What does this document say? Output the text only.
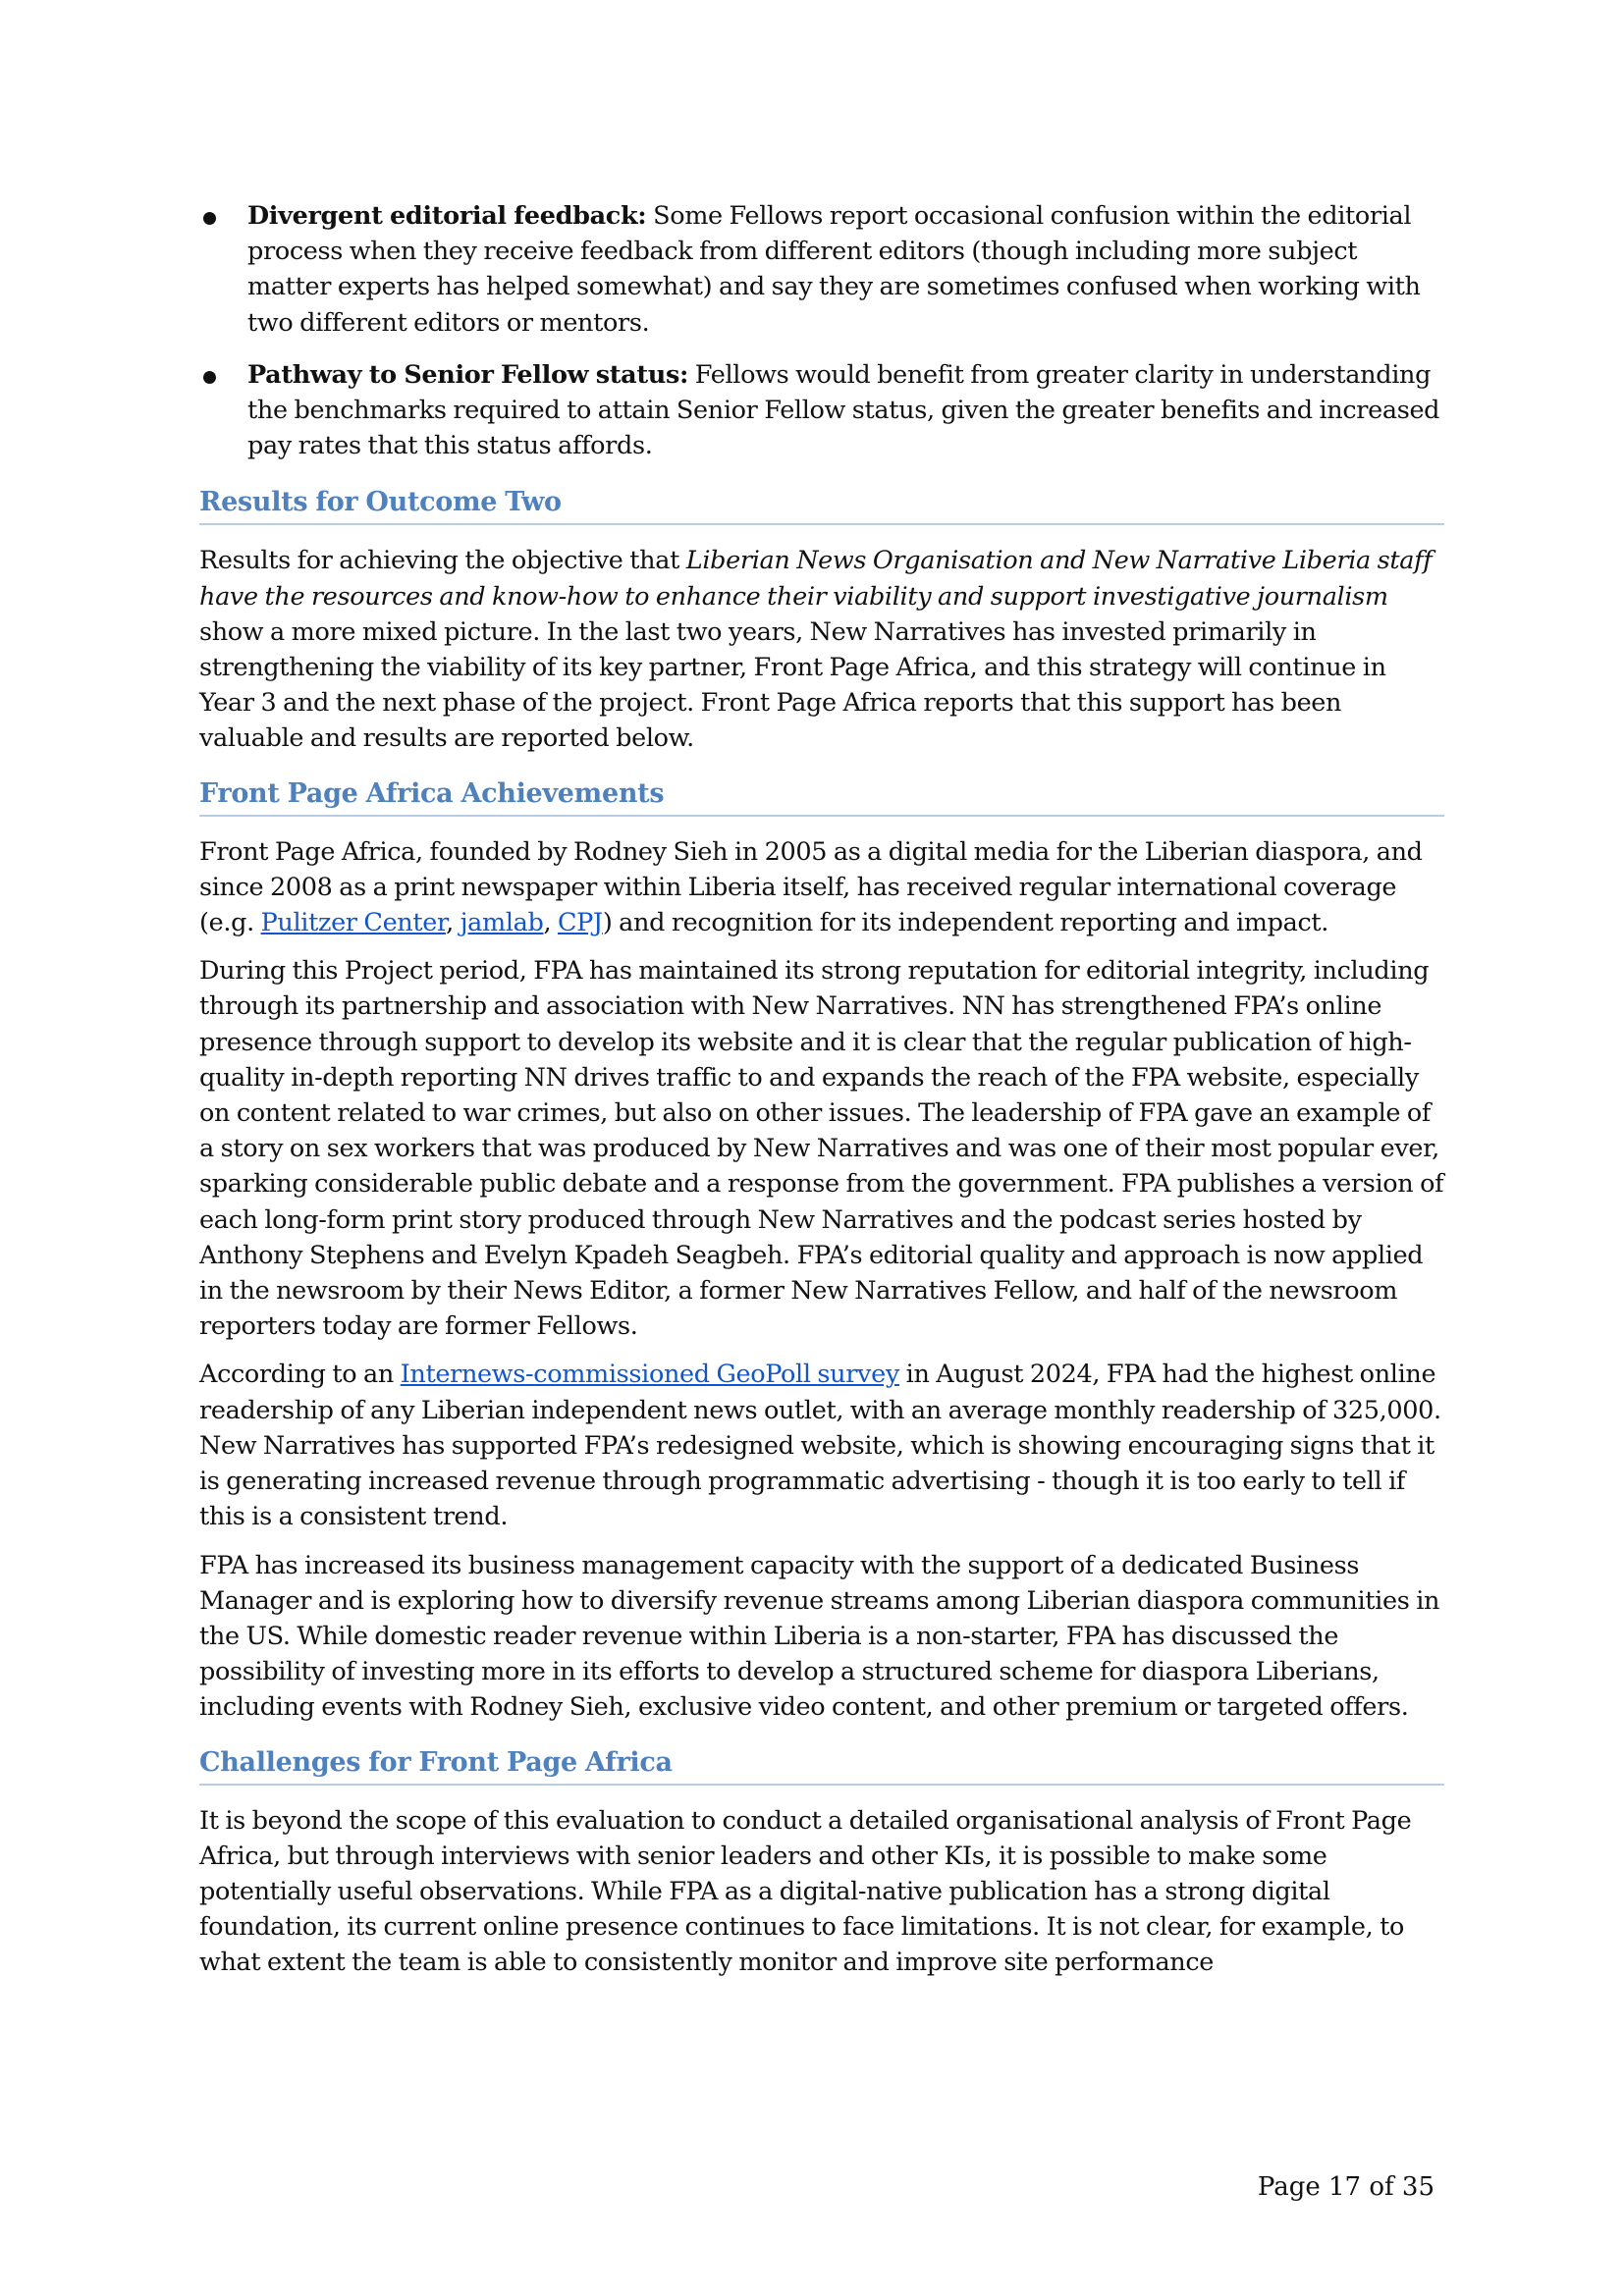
Divergent editorial feedback: Some Fellows report occasional confusion within the editorial process when they receive feedback from different editors (though including more subject matter experts has helped somewhat) and say they are sometimes confused when working with two different editors or mentors.
Pathway to Senior Fellow status: Fellows would benefit from greater clarity in understanding the benchmarks required to attain Senior Fellow status, given the greater benefits and increased pay rates that this status affords.
Results for Outcome Two

Results for achieving the objective that Liberian News Organisation and New Narrative Liberia staff have the resources and know-how to enhance their viability and support investigative journalism show a more mixed picture. In the last two years, New Narratives has invested primarily in strengthening the viability of its key partner, Front Page Africa, and this strategy will continue in Year 3 and the next phase of the project. Front Page Africa reports that this support has been valuable and results are reported below.

Front Page Africa Achievements

Front Page Africa, founded by Rodney Sieh in 2005 as a digital media for the Liberian diaspora, and since 2008 as a print newspaper within Liberia itself, has received regular international coverage (e.g. Pulitzer Center, jamlab, CPJ) and recognition for its independent reporting and impact.

During this Project period, FPA has maintained its strong reputation for editorial integrity, including through its partnership and association with New Narratives. NN has strengthened FPA’s online presence through support to develop its website and it is clear that the regular publication of high-quality in-depth reporting NN drives traffic to and expands the reach of the FPA website, especially on content related to war crimes, but also on other issues. The leadership of FPA gave an example of a story on sex workers that was produced by New Narratives and was one of their most popular ever, sparking considerable public debate and a response from the government. FPA publishes a version of each long-form print story produced through New Narratives and the podcast series hosted by Anthony Stephens and Evelyn Kpadeh Seagbeh. FPA’s editorial quality and approach is now applied in the newsroom by their News Editor, a former New Narratives Fellow, and half of the newsroom reporters today are former Fellows.

According to an Internews-commissioned GeoPoll survey in August 2024, FPA had the highest online readership of any Liberian independent news outlet, with an average monthly readership of 325,000. New Narratives has supported FPA’s redesigned website, which is showing encouraging signs that it is generating increased revenue through programmatic advertising - though it is too early to tell if this is a consistent trend.

FPA has increased its business management capacity with the support of a dedicated Business Manager and is exploring how to diversify revenue streams among Liberian diaspora communities in the US. While domestic reader revenue within Liberia is a non-starter, FPA has discussed the possibility of investing more in its efforts to develop a structured scheme for diaspora Liberians, including events with Rodney Sieh, exclusive video content, and other premium or targeted offers.

Challenges for Front Page Africa

It is beyond the scope of this evaluation to conduct a detailed organisational analysis of Front Page Africa, but through interviews with senior leaders and other KIs, it is possible to make some potentially useful observations. While FPA as a digital-native publication has a strong digital foundation, its current online presence continues to face limitations. It is not clear, for example, to what extent the team is able to consistently monitor and improve site performance

Page 17 of 35
